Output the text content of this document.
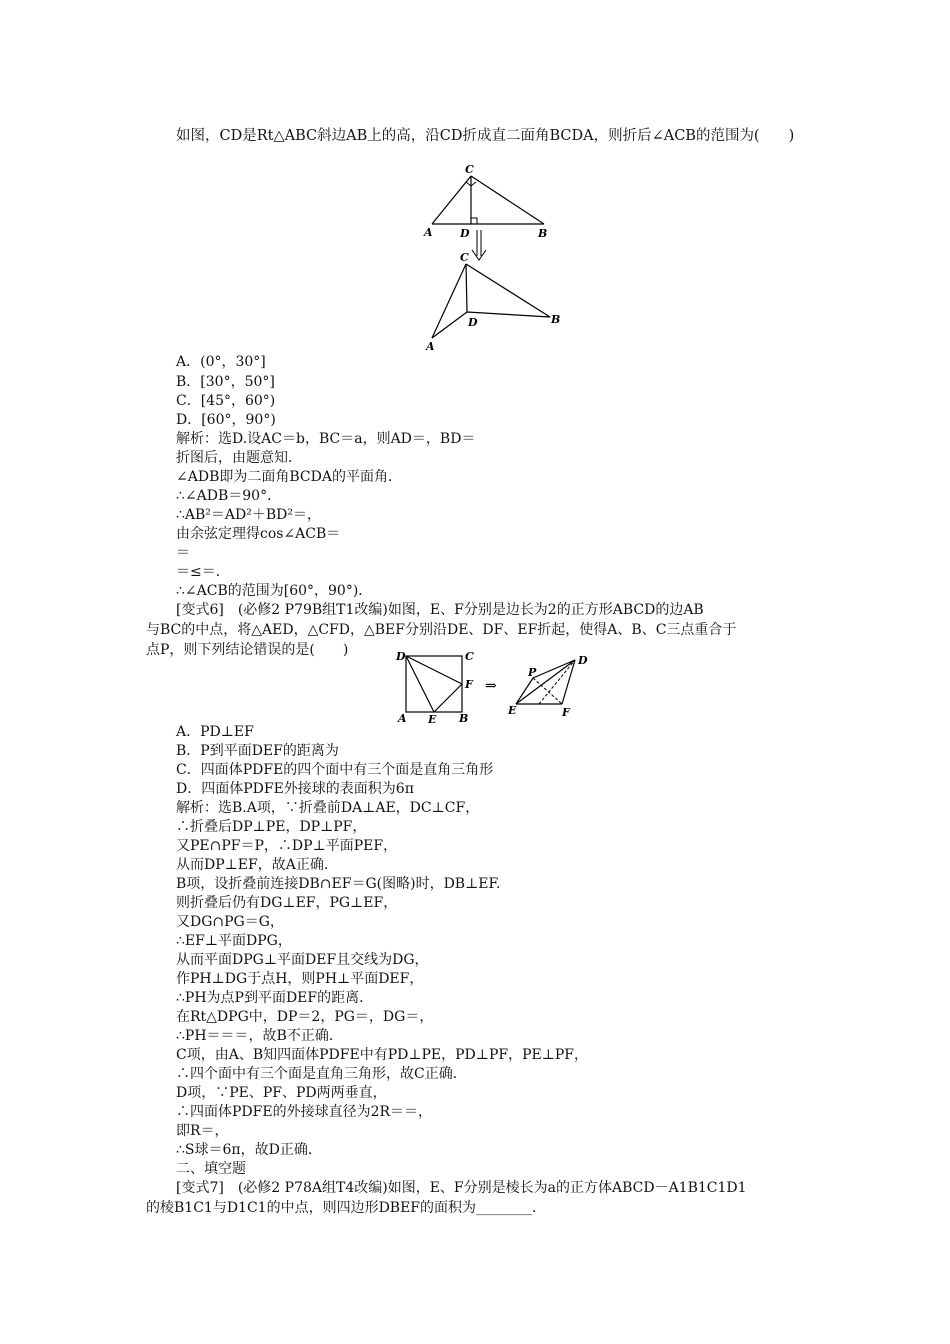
如图，CD是Rt△ABC斜边AB上的高，沿CD折成直二面角BCDA，则折后∠ACB的范围为(　　)
C
A D	B
C
D	B
A
A．(0°，30°]
B．[30°，50°]
C．[45°，60°)
D．[60°，90°)
解析：选D.设AC＝b，BC＝a，则AD＝，BD＝
折图后，由题意知．
∠ADB即为二面角BCDA的平面角．
∴∠ADB＝90°．
∴AB²＝AD²＋BD²＝，
由余弦定理得cos∠ACB＝
＝
＝≤＝．
∴∠ACB的范围为[60°，90°)．
[变式6]　(必修2 P79B组T1改编)如图，E、F分别是边长为2的正方形ABCD的边AB
与BC的中点，将△AED，△CFD，△BEF分别沿DE、DF、EF折起，使得A、B、C三点重合于
点P，则下列结论错误的是(　　)	D	C
F
A E B
⇒
P
D
E	F
A．PD⊥EF
B．P到平面DEF的距离为
C．四面体PDFE的四个面中有三个面是直角三角形
D．四面体PDFE外接球的表面积为6π
解析：选B.A项，∵折叠前DA⊥AE，DC⊥CF，
∴折叠后DP⊥PE，DP⊥PF，
又PE∩PF＝P，∴DP⊥平面PEF，
从而DP⊥EF，故A正确．
B项，设折叠前连接DB∩EF＝G(图略)时，DB⊥EF.
则折叠后仍有DG⊥EF，PG⊥EF，
又DG∩PG＝G，
∴EF⊥平面DPG，
从而平面DPG⊥平面DEF且交线为DG，
作PH⊥DG于点H，则PH⊥平面DEF，
∴PH为点P到平面DEF的距离．
在Rt△DPG中，DP＝2，PG＝，DG＝，
∴PH＝＝＝，故B不正确．
C项，由A、B知四面体PDFE中有PD⊥PE，PD⊥PF，PE⊥PF，
∴四个面中有三个面是直角三角形，故C正确．
D项，∵PE、PF、PD两两垂直，
∴四面体PDFE的外接球直径为2R＝＝，
即R＝，
∴S球＝6π，故D正确．
二、填空题
[变式7]　(必修2 P78A组T4改编)如图，E、F分别是棱长为a的正方体ABCD－A1B1C1D1
的棱B1C1与D1C1的中点，则四边形DBEF的面积为________．
